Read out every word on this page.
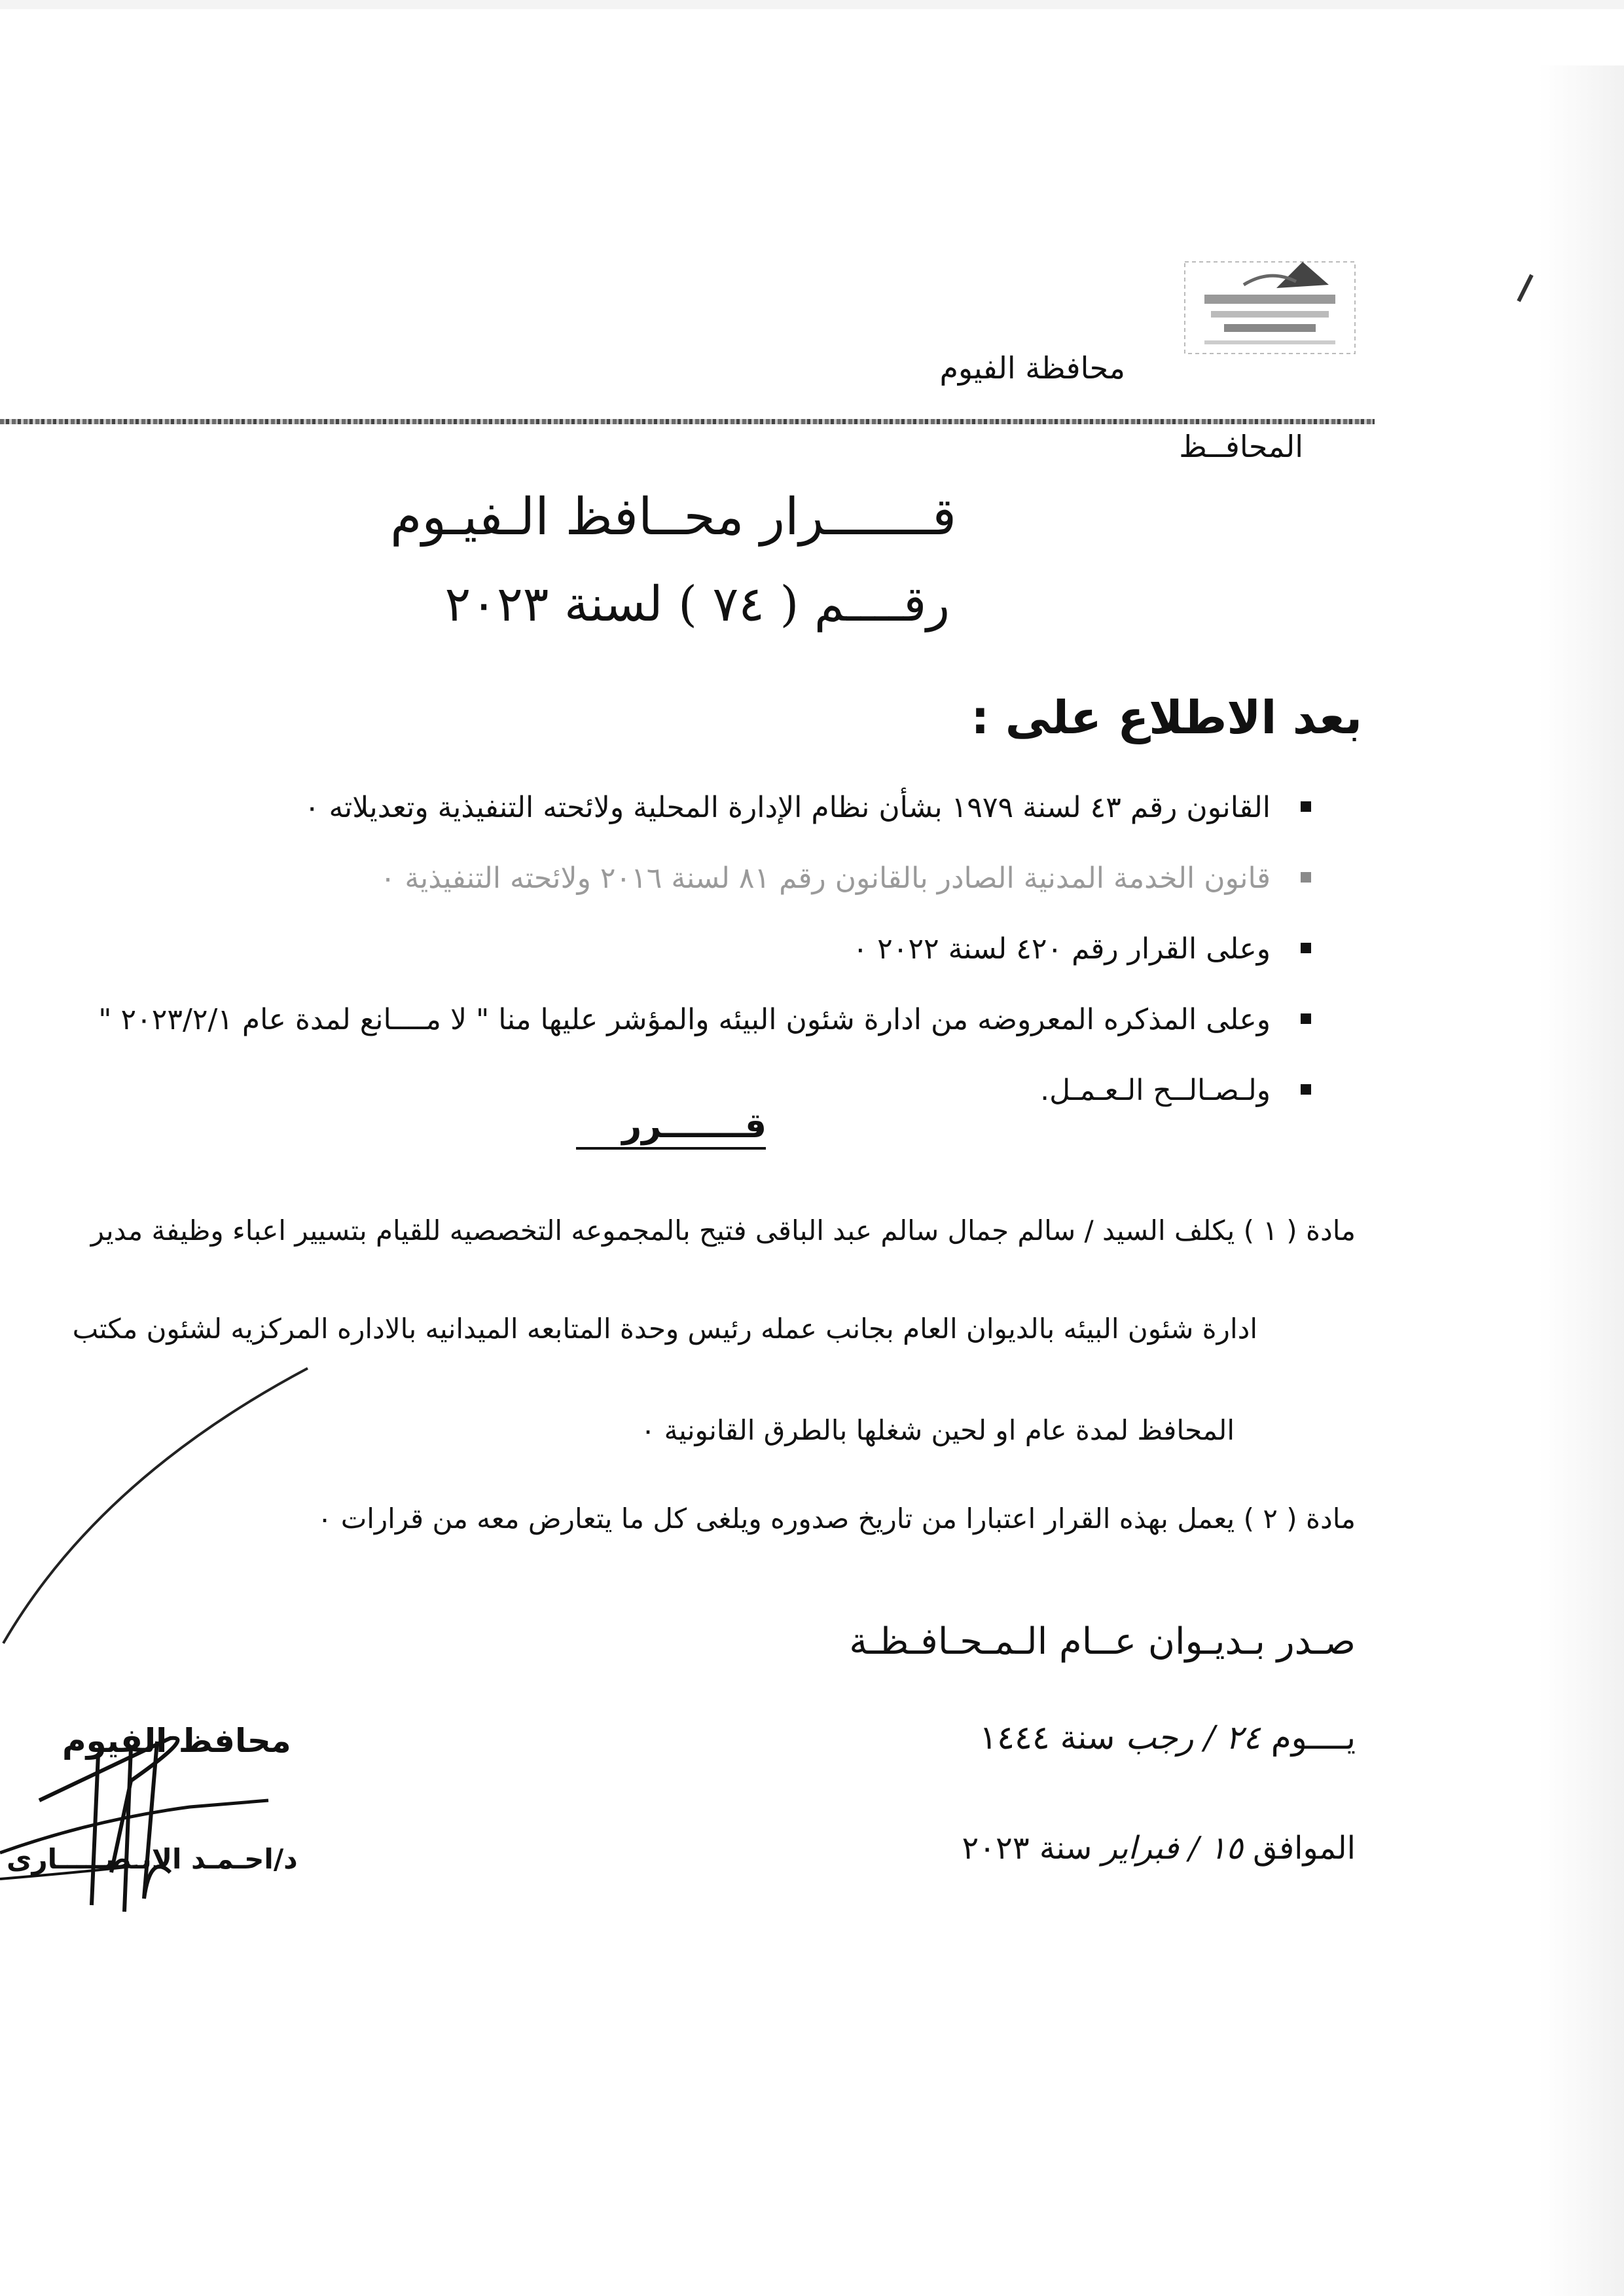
محافظة الفيوم
المحافــظ
قـــــــرار محــافظ الـفيـوم
رقــــم ( ٧٤ ) لسنة ٢٠٢٣
بعد الاطلاع على :
القانون رقم ٤٣ لسنة ١٩٧٩ بشأن نظام الإدارة المحلية ولائحته التنفيذية وتعديلاته ٠
قانون الخدمة المدنية الصادر بالقانون رقم ٨١ لسنة ٢٠١٦ ولائحته التنفيذية ٠
وعلى القرار رقم ٤٢٠ لسنة ٢٠٢٢ ٠
وعلى المذكره المعروضه من ادارة شئون البيئه والمؤشر عليها منا " لا مــــانع لمدة عام ٢٠٢٣/٢/١ "
ولـصـالــح الـعـمـل.
قـــــــرر
مادة ( ١ ) يكلف السيد / سالم جمال سالم عبد الباقى فتيح بالمجموعه التخصصيه للقيام بتسيير اعباء وظيفة مدير
ادارة شئون البيئه بالديوان العام بجانب عمله رئيس وحدة المتابعه الميدانيه بالاداره المركزيه لشئون مكتب
المحافظ لمدة عام او لحين شغلها بالطرق القانونية ٠
مادة ( ٢ ) يعمل بهذه القرار اعتبارا من تاريخ صدوره ويلغى كل ما يتعارض معه من قرارات ٠
صـدر بـديـوان عــام الـمـحـافـظـة
يــــوم ٢٤ / رجب سنة ١٤٤٤
الموافق ١٥ / فبراير سنة ٢٠٢٣
محافظ الفيوم
د/احـمـد الانـصـــــارى
